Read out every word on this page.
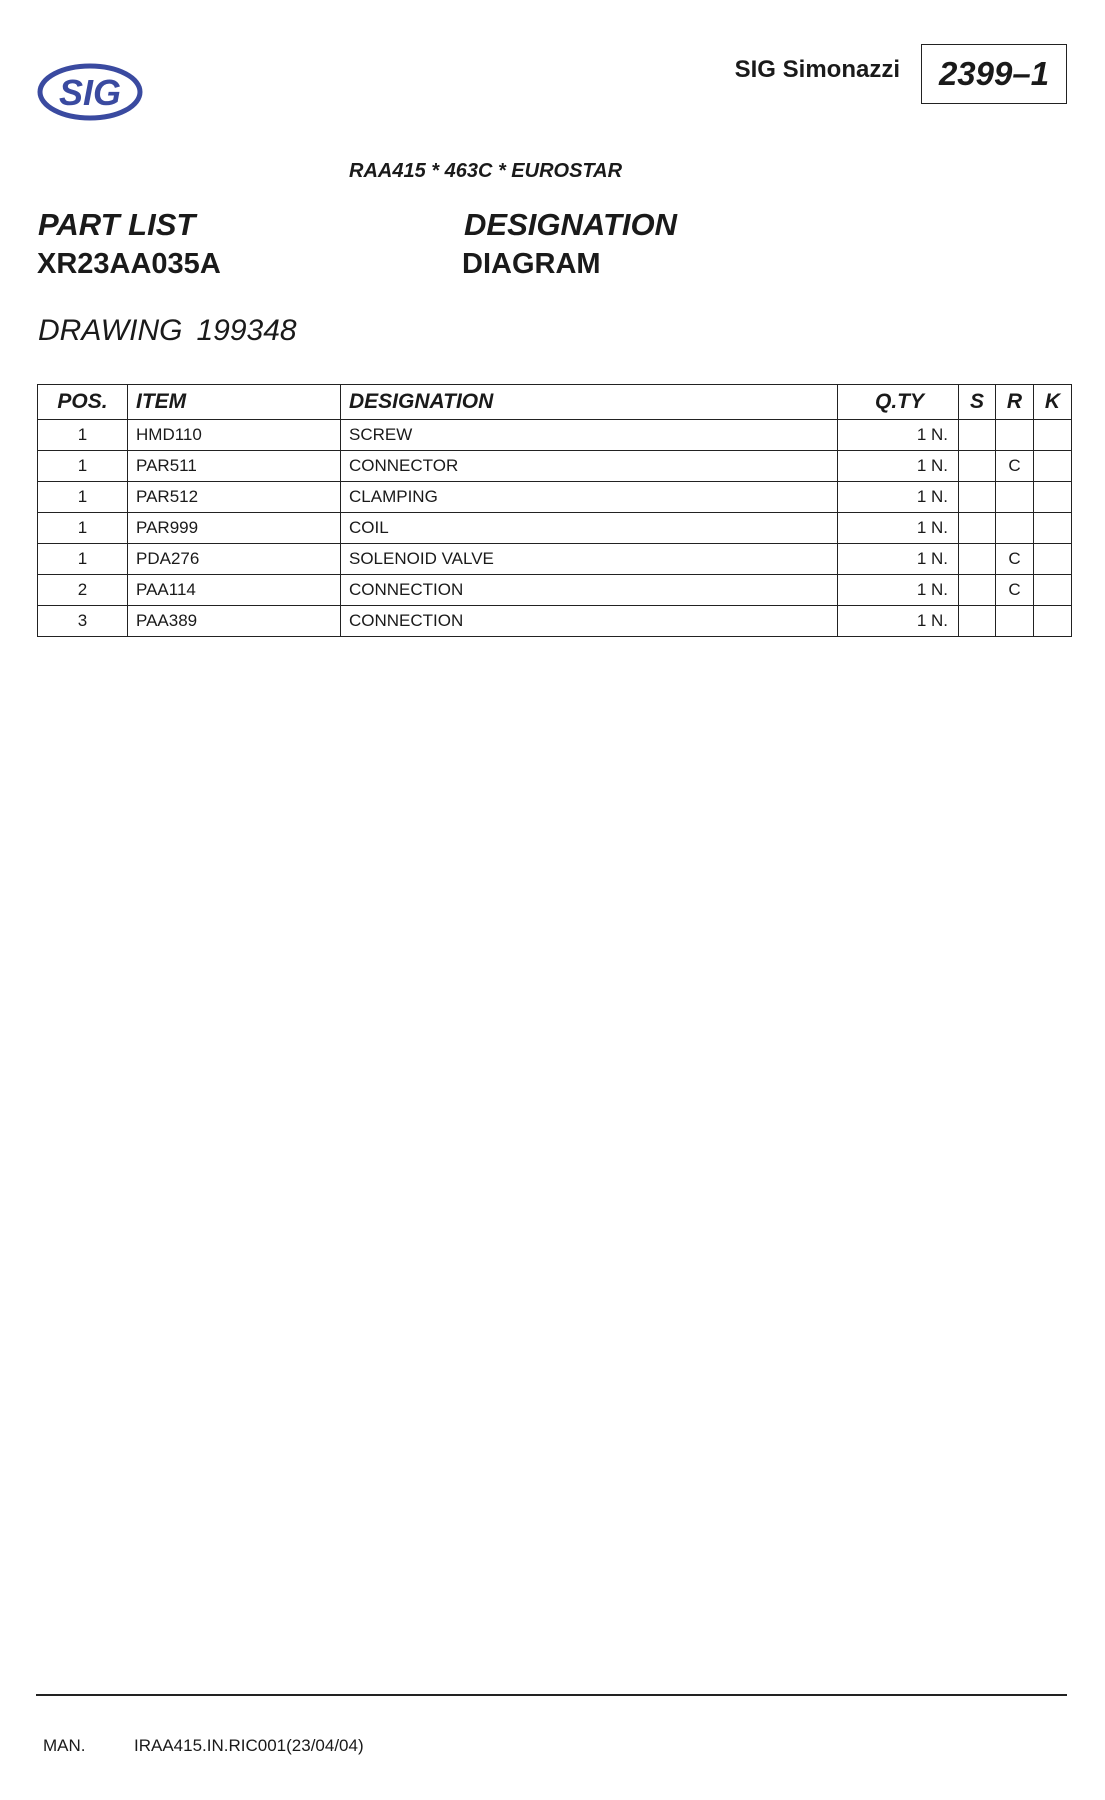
SIG
SIG Simonazzi	2399–1
RAA415 * 463C * EUROSTAR
PART LIST	DESIGNATION
XR23AA035A	DIAGRAM
DRAWING 199348
POS.	ITEM	DESIGNATION	Q.TY	S	R	K
1	HMD110	SCREW	1 N.			
1	PAR511	CONNECTOR	1 N.		C	
1	PAR512	CLAMPING	1 N.			
1	PAR999	COIL	1 N.			
1	PDA276	SOLENOID VALVE	1 N.		C	
2	PAA114	CONNECTION	1 N.		C	
3	PAA389	CONNECTION	1 N.			
MAN.	IRAA415.IN.RIC001(23/04/04)
